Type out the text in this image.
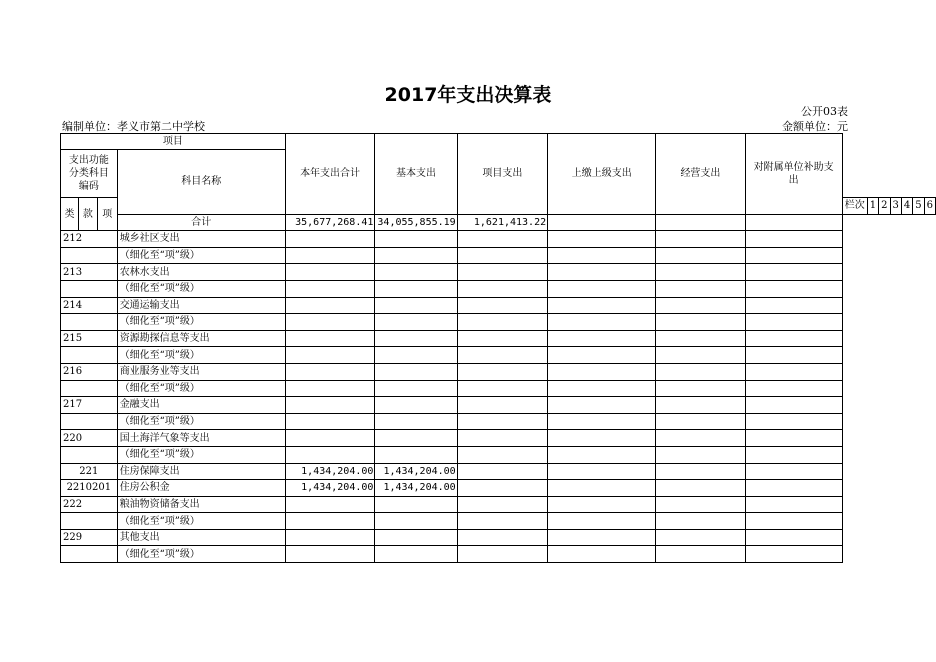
2017年支出决算表
公开03表
编制单位：孝义市第二中学校	金额单位：元
项目				本年支出合计	基本支出	项目支出	上缴上级支出	经营支出	对附属单位补助支出							
支出功能分类科目编码			科目名称													
类	款	项								栏次	1	2	3	4	5	6
			合计	35,677,268.41	34,055,855.19	1,621,413.22										
212			城乡社区支出													
			（细化至“项”级）													
213			农林水支出													
			（细化至“项”级）													
214			交通运输支出													
			（细化至“项”级）													
215			资源勘探信息等支出													
			（细化至“项”级）													
216			商业服务业等支出													
			（细化至“项”级）													
217			金融支出													
			（细化至“项”级）													
220			国土海洋气象等支出													
			（细化至“项”级）													
221			住房保障支出	1,434,204.00	1,434,204.00											
2210201			住房公积金	1,434,204.00	1,434,204.00											
222			粮油物资储备支出													
			（细化至“项”级）													
229			其他支出													
			（细化至“项”级）													
